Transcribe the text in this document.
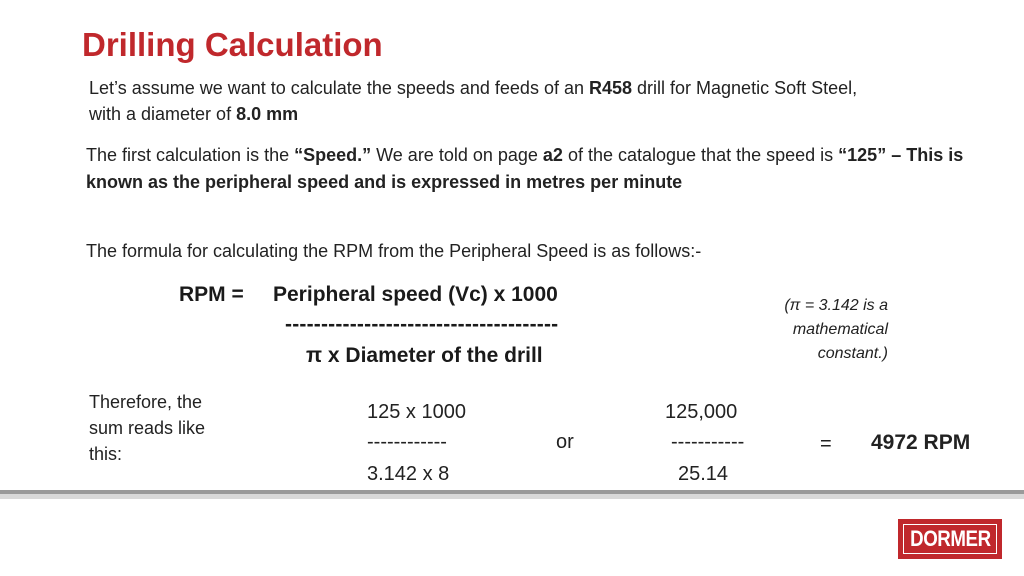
Drilling Calculation
Let’s assume we want to calculate the speeds and feeds of an R458 drill for Magnetic Soft Steel, with a diameter of 8.0 mm
The first calculation is the “Speed.” We are told on page a2 of the catalogue that the speed is “125” – This is known as the peripheral speed and is expressed in metres per minute
The formula for calculating the RPM from the Peripheral Speed is as follows:-
RPM = Peripheral speed (Vc) x 1000
--------------------------------------
π x Diameter of the drill
(π = 3.142 is a
mathematical
constant.)
Therefore, the
sum reads like
this:
125 x 1000
------------
3.142 x 8
or
125,000
-----------
25.14
= 4972 RPM
DORMER
